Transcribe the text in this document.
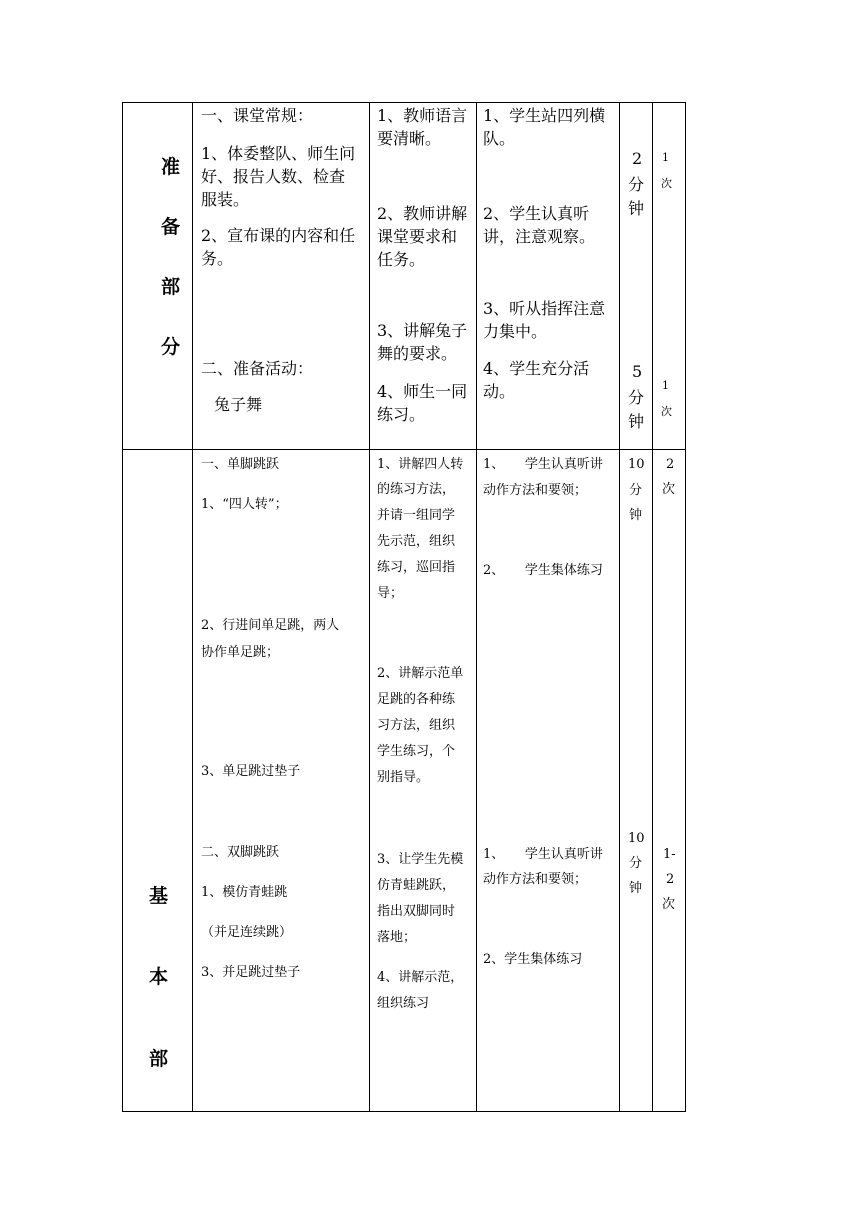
准
备
部
分
一、课堂常规：
1、体委整队、师生问
好、报告人数、检查
服装。
2、宣布课的内容和任
务。
二、准备活动：
兔子舞
1、教师语言
要清晰。
2、教师讲解
课堂要求和
任务。
3、讲解兔子
舞的要求。
4、师生一同
练习。
1、学生站四列横
队。
2、学生认真听
讲，注意观察。
3、听从指挥注意
力集中。
4、学生充分活
动。
2
分
钟
5
分
钟
1
次
1
次
基
本
部
一、单脚跳跃
1、“四人转”；
2、行进间单足跳，两人
协作单足跳；
3、单足跳过垫子
二、双脚跳跃
1、模仿青蛙跳
（并足连续跳）
3、并足跳过垫子
1、讲解四人转
的练习方法，
并请一组同学
先示范，组织
练习，巡回指
导；
2、讲解示范单
足跳的各种练
习方法，组织
学生练习，个
别指导。
3、让学生先模
仿青蛙跳跃，
指出双脚同时
落地；
4、讲解示范，
组织练习
1、     学生认真听讲
动作方法和要领；
2、     学生集体练习
1、     学生认真听讲
动作方法和要领；
2、学生集体练习
10
分
钟
10
分
钟
2
次
1-
2
次
